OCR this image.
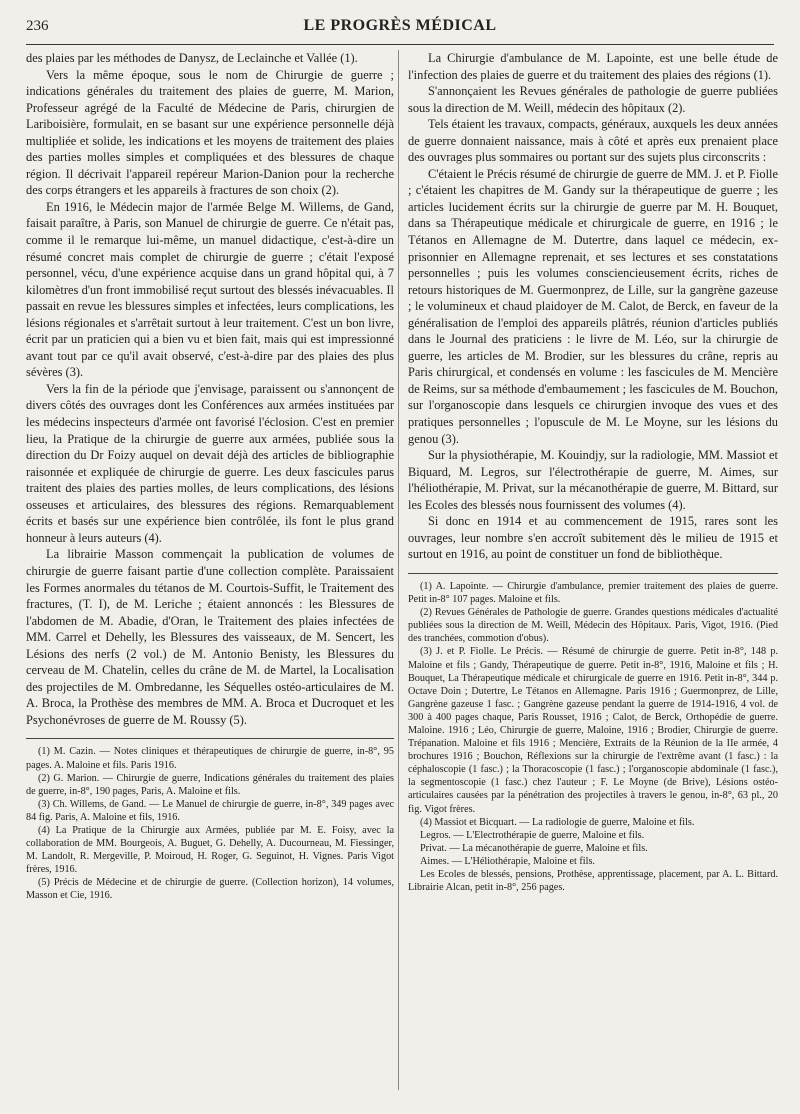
236	LE PROGRÈS MÉDICAL

des plaies par les méthodes de Danysz, de Leclainche et Vallée (1).

Vers la même époque, sous le nom de Chirurgie de guerre ; indications générales du traitement des plaies de guerre, M. Marion, Professeur agrégé de la Faculté de Médecine de Paris, chirurgien de Lariboisière, formulait, en se basant sur une expérience personnelle déjà multipliée et solide, les indications et les moyens de traitement des plaies des parties molles simples et compliquées et des blessures de chaque région. Il décrivait l'appareil repéreur Marion-Danion pour la recherche des corps étrangers et les appareils à fractures de son choix (2).

En 1916, le Médecin major de l'armée Belge M. Willems, de Gand, faisait paraître, à Paris, son Manuel de chirurgie de guerre. Ce n'était pas, comme il le remarque lui-même, un manuel didactique, c'est-à-dire un résumé concret mais complet de chirurgie de guerre ; c'était l'exposé personnel, vécu, d'une expérience acquise dans un grand hôpital qui, à 7 kilomètres d'un front immobilisé reçut surtout des blessés inévacuables. Il passait en revue les blessures simples et infectées, leurs complications, les lésions régionales et s'arrêtait surtout à leur traitement. C'est un bon livre, écrit par un praticien qui a bien vu et bien fait, mais qui est impressionné avant tout par ce qu'il avait observé, c'est-à-dire par des plaies des plus sévères (3).

Vers la fin de la période que j'envisage, paraissent ou s'annonçent de divers côtés des ouvrages dont les Conférences aux armées instituées par les médecins inspecteurs d'armée ont favorisé l'éclosion. C'est en premier lieu, la Pratique de la chirurgie de guerre aux armées, publiée sous la direction du Dr Foizy auquel on devait déjà des articles de bibliographie raisonnée et expliquée de chirurgie de guerre. Les deux fascicules parus traitent des plaies des parties molles, de leurs complications, des lésions osseuses et articulaires, des blessures des régions. Remarquablement écrits et basés sur une expérience bien contrôlée, ils font le plus grand honneur à leurs auteurs (4).

La librairie Masson commençait la publication de volumes de chirurgie de guerre faisant partie d'une collection complète. Paraissaient les Formes anormales du tétanos de M. Courtois-Suffit, le Traitement des fractures, (T. I), de M. Leriche ; étaient annoncés : les Blessures de l'abdomen de M. Abadie, d'Oran, le Traitement des plaies infectées de MM. Carrel et Dehelly, les Blessures des vaisseaux, de M. Sencert, les Lésions des nerfs (2 vol.) de M. Antonio Benisty, les Blessures du cerveau de M. Chatelin, celles du crâne de M. de Martel, la Localisation des projectiles de M. Ombredanne, les Séquelles ostéo-articulaires de M. A. Broca, la Prothèse des membres de MM. A. Broca et Ducroquet et les Psychonévroses de guerre de M. Roussy (5).

(1) M. Cazin. — Notes cliniques et thérapeutiques de chirurgie de guerre, in-8°, 95 pages. A. Maloine et fils. Paris 1916.

(2) G. Marion. — Chirurgie de guerre, Indications générales du traitement des plaies de guerre, in-8°, 190 pages, Paris, A. Maloine et fils.

(3) Ch. Willems, de Gand. — Le Manuel de chirurgie de guerre, in-8°, 349 pages avec 84 fig. Paris, A. Maloine et fils, 1916.

(4) La Pratique de la Chirurgie aux Armées, publiée par M. E. Foisy, avec la collaboration de MM. Bourgeois, A. Buguet, G. Dehelly, A. Ducourneau, M. Fiessinger, M. Landolt, R. Mergeville, P. Moiroud, H. Roger, G. Seguinot, H. Vignes. Paris Vigot frères, 1916.

(5) Précis de Médecine et de chirurgie de guerre. (Collection horizon), 14 volumes, Masson et Cie, 1916.

La Chirurgie d'ambulance de M. Lapointe, est une belle étude de l'infection des plaies de guerre et du traitement des plaies des régions (1).

S'annonçaient les Revues générales de pathologie de guerre publiées sous la direction de M. Weill, médecin des hôpitaux (2).

Tels étaient les travaux, compacts, généraux, auxquels les deux années de guerre donnaient naissance, mais à côté et après eux prenaient place des ouvrages plus sommaires ou portant sur des sujets plus circonscrits :

C'étaient le Précis résumé de chirurgie de guerre de MM. J. et P. Fiolle ; c'étaient les chapitres de M. Gandy sur la thérapeutique de guerre ; les articles lucidement écrits sur la chirurgie de guerre par M. H. Bouquet, dans sa Thérapeutique médicale et chirurgicale de guerre, en 1916 ; le Tétanos en Allemagne de M. Dutertre, dans laquel ce médecin, ex-prisonnier en Allemagne reprenait, et ses lectures et ses constatations personnelles ; puis les volumes consciencieusement écrits, riches de retours historiques de M. Guermonprez, de Lille, sur la gangrène gazeuse ; le volumineux et chaud plaidoyer de M. Calot, de Berck, en faveur de la généralisation de l'emploi des appareils plâtrés, réunion d'articles publiés dans le Journal des praticiens : le livre de M. Léo, sur la chirurgie de guerre, les articles de M. Brodier, sur les blessures du crâne, repris au Paris chirurgical, et condensés en volume : les fascicules de M. Mencière de Reims, sur sa méthode d'embaumement ; les fascicules de M. Bouchon, sur l'organoscopie dans lesquels ce chirurgien invoque des vues et des pratiques personnelles ; l'opuscule de M. Le Moyne, sur les lésions du genou (3).

Sur la physiothérapie, M. Kouindjy, sur la radiologie, MM. Massiot et Biquard, M. Legros, sur l'électrothérapie de guerre, M. Aimes, sur l'héliothérapie, M. Privat, sur la mécanothérapie de guerre, M. Bittard, sur les Ecoles des blessés nous fournissent des volumes (4).

Si donc en 1914 et au commencement de 1915, rares sont les ouvrages, leur nombre s'en accroît subitement dès le milieu de 1915 et surtout en 1916, au point de constituer un fond de bibliothèque.

(1) A. Lapointe. — Chirurgie d'ambulance, premier traitement des plaies de guerre. Petit in-8° 107 pages. Maloine et fils.

(2) Revues Générales de Pathologie de guerre. Grandes questions médicales d'actualité publiées sous la direction de M. Weill, Médecin des Hôpitaux. Paris, Vigot, 1916. (Pied des tranchées, commotion d'obus).

(3) J. et P. Fiolle. Le Précis. — Résumé de chirurgie de guerre. Petit in-8°, 148 p. Maloine et fils ; Gandy, Thérapeutique de guerre. Petit in-8°, 1916, Maloine et fils ; H. Bouquet, La Thérapeutique médicale et chirurgicale de guerre en 1916. Petit in-8°, 344 p. Octave Doin ; Dutertre, Le Tétanos en Allemagne. Paris 1916 ; Guermonprez, de Lille, Gangrène gazeuse 1 fasc. ; Gangrène gazeuse pendant la guerre de 1914-1916, 4 vol. de 300 à 400 pages chaque, Paris Rousset, 1916 ; Calot, de Berck, Orthopédie de guerre. Maloine. 1916 ; Léo, Chirurgie de guerre, Maloine, 1916 ; Brodier, Chirurgie de guerre. Trépanation. Maloine et fils 1916 ; Mencière, Extraits de la Réunion de la IIe armée, 4 brochures 1916 ; Bouchon, Réflexions sur la chirurgie de l'extrême avant (1 fasc.) : la céphaloscopie (1 fasc.) ; la Thoracoscopie (1 fasc.) ; l'organoscopie abdominale (1 fasc.), la segmentoscopie (1 fasc.) chez l'auteur ; F. Le Moyne (de Brive), Lésions ostéo-articulaires causées par la pénétration des projectiles à travers le genou, in-8°, 63 pl., 20 fig. Vigot frères.

(4) Massiot et Bicquart. — La radiologie de guerre, Maloine et fils.

Legros. — L'Electrothérapie de guerre, Maloine et fils.

Privat. — La mécanothérapie de guerre, Maloine et fils.

Aimes. — L'Héliothérapie, Maloine et fils.

Les Ecoles de blessés, pensions, Prothèse, apprentissage, placement, par A. L. Bittard. Librairie Alcan, petit in-8°, 256 pages.
